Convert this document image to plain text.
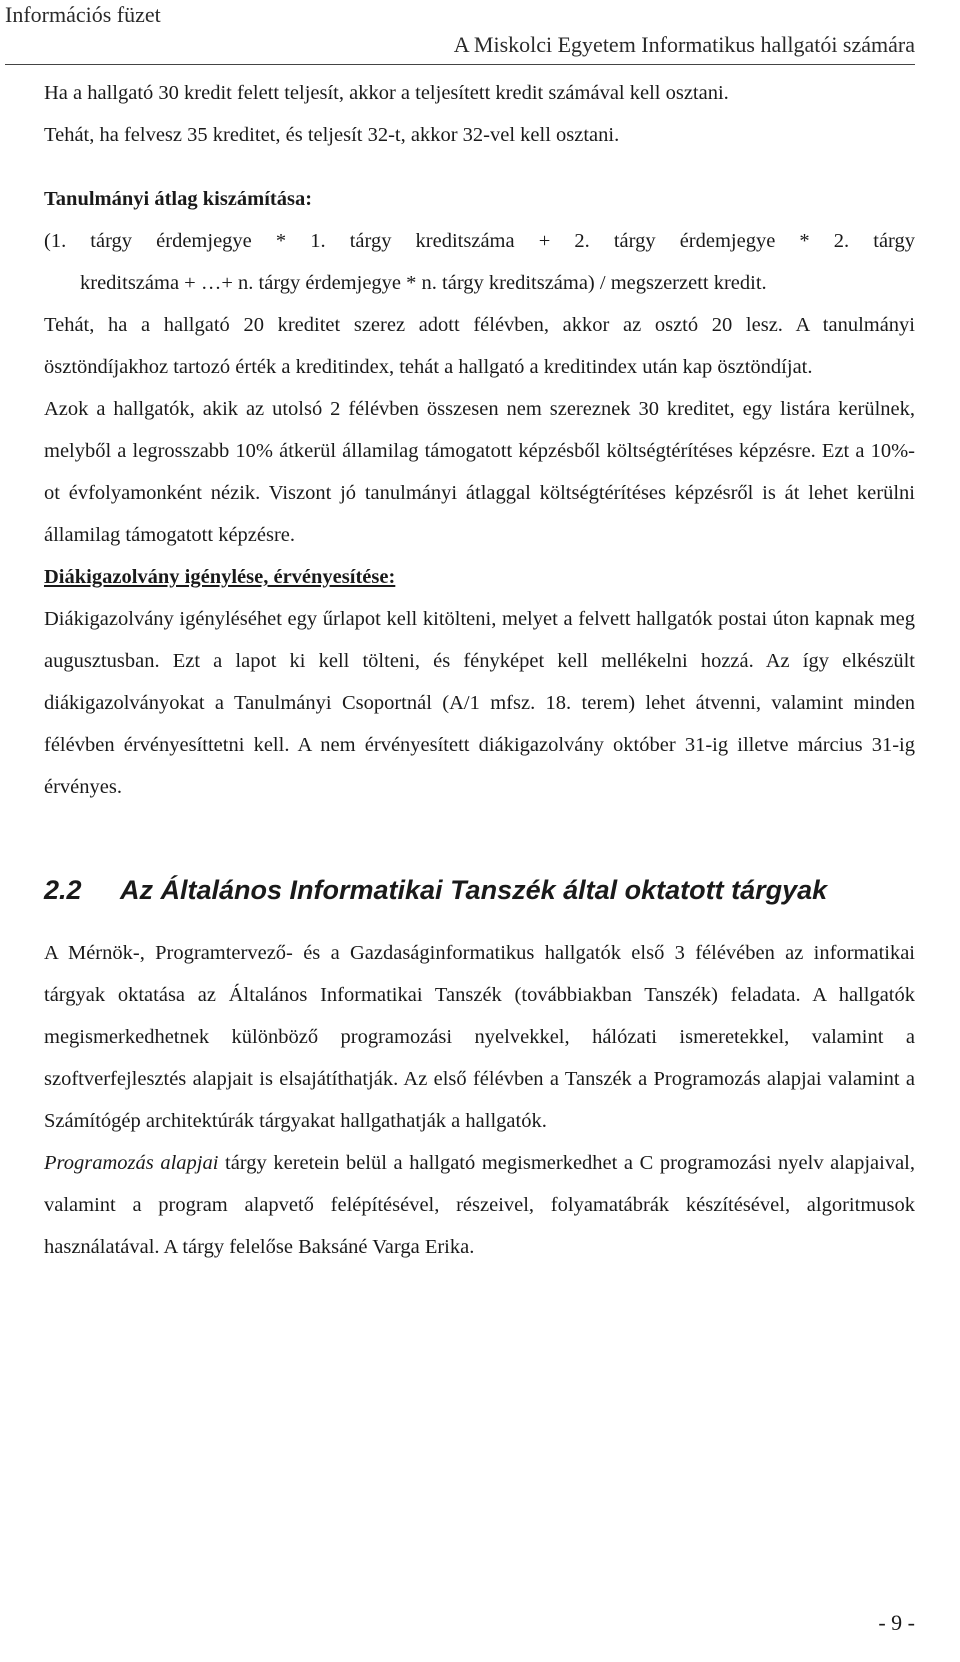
Információs füzet
A Miskolci Egyetem Informatikus hallgatói számára

Ha a hallgató 30 kredit felett teljesít, akkor a teljesített kredit számával kell osztani.

Tehát, ha felvesz 35 kreditet, és teljesít 32-t, akkor 32-vel kell osztani.

Tanulmányi átlag kiszámítása:

(1. tárgy érdemjegye * 1. tárgy kreditszáma + 2. tárgy érdemjegye * 2. tárgy

kreditszáma + …+ n. tárgy érdemjegye * n. tárgy kreditszáma) / megszerzett kredit.

Tehát, ha a hallgató 20 kreditet szerez adott félévben, akkor az osztó 20 lesz. A tanulmányi ösztöndíjakhoz tartozó érték a kreditindex, tehát a hallgató a kreditindex után kap ösztöndíjat.

Azok a hallgatók, akik az utolsó 2 félévben összesen nem szereznek 30 kreditet, egy listára kerülnek, melyből a legrosszabb 10% átkerül államilag támogatott képzésből költségtérítéses képzésre. Ezt a 10%-ot évfolyamonként nézik. Viszont jó tanulmányi átlaggal költségtérítéses képzésről is át lehet kerülni államilag támogatott képzésre.

Diákigazolvány igénylése, érvényesítése:

Diákigazolvány igényléséhet egy űrlapot kell kitölteni, melyet a felvett hallgatók postai úton kapnak meg augusztusban. Ezt a lapot ki kell tölteni, és fényképet kell mellékelni hozzá. Az így elkészült diákigazolványokat a Tanulmányi Csoportnál (A/1 mfsz. 18. terem) lehet átvenni, valamint minden félévben érvényesíttetni kell. A nem érvényesített diákigazolvány október 31-ig illetve március 31-ig érvényes.

2.2	Az Általános Informatikai Tanszék által oktatott tárgyak

A Mérnök-, Programtervező- és a Gazdaságinformatikus hallgatók első 3 félévében az informatikai tárgyak oktatása az Általános Informatikai Tanszék (továbbiakban Tanszék) feladata. A hallgatók megismerkedhetnek különböző programozási nyelvekkel, hálózati ismeretekkel, valamint a szoftverfejlesztés alapjait is elsajátíthatják. Az első félévben a Tanszék a Programozás alapjai valamint a Számítógép architektúrák tárgyakat hallgathatják a hallgatók.

Programozás alapjai tárgy keretein belül a hallgató megismerkedhet a C programozási nyelv alapjaival, valamint a program alapvető felépítésével, részeivel, folyamatábrák készítésével, algoritmusok használatával. A tárgy felelőse Baksáné Varga Erika.

- 9 -
